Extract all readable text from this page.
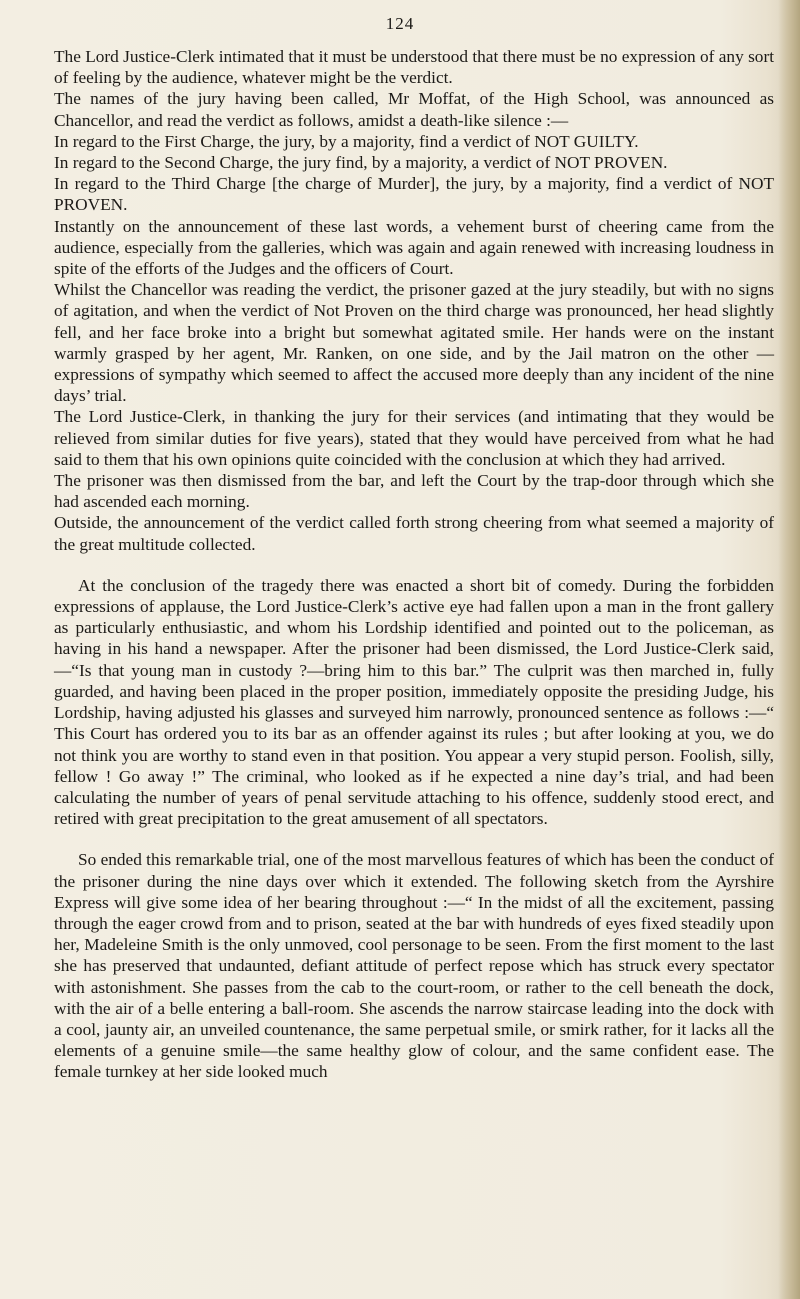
124

The Lord Justice-Clerk intimated that it must be understood that there must be no expression of any sort of feeling by the audience, whatever might be the verdict.

The names of the jury having been called, Mr Moffat, of the High School, was announced as Chancellor, and read the verdict as follows, amidst a death-like silence :—

In regard to the First Charge, the jury, by a majority, find a verdict of NOT GUILTY.

In regard to the Second Charge, the jury find, by a majority, a verdict of NOT PROVEN.

In regard to the Third Charge [the charge of Murder], the jury, by a majority, find a verdict of NOT PROVEN.

Instantly on the announcement of these last words, a vehement burst of cheering came from the audience, especially from the galleries, which was again and again renewed with increasing loudness in spite of the efforts of the Judges and the officers of Court.

Whilst the Chancellor was reading the verdict, the prisoner gazed at the jury steadily, but with no signs of agitation, and when the verdict of Not Proven on the third charge was pronounced, her head slightly fell, and her face broke into a bright but somewhat agitated smile. Her hands were on the instant warmly grasped by her agent, Mr. Ranken, on one side, and by the Jail matron on the other —expressions of sympathy which seemed to affect the accused more deeply than any incident of the nine days’ trial.

The Lord Justice-Clerk, in thanking the jury for their services (and intimating that they would be relieved from similar duties for five years), stated that they would have perceived from what he had said to them that his own opinions quite coincided with the conclusion at which they had arrived.

The prisoner was then dismissed from the bar, and left the Court by the trap-door through which she had ascended each morning.

Outside, the announcement of the verdict called forth strong cheering from what seemed a majority of the great multitude collected.

At the conclusion of the tragedy there was enacted a short bit of comedy. During the forbidden expressions of applause, the Lord Justice-Clerk’s active eye had fallen upon a man in the front gallery as particularly enthusiastic, and whom his Lordship identified and pointed out to the policeman, as having in his hand a newspaper. After the prisoner had been dismissed, the Lord Justice-Clerk said,—“Is that young man in custody ?—bring him to this bar.” The culprit was then marched in, fully guarded, and having been placed in the proper position, immediately opposite the presiding Judge, his Lordship, having adjusted his glasses and surveyed him narrowly, pronounced sentence as follows :—“ This Court has ordered you to its bar as an offender against its rules ; but after looking at you, we do not think you are worthy to stand even in that position. You appear a very stupid person. Foolish, silly, fellow ! Go away !” The criminal, who looked as if he expected a nine day’s trial, and had been calculating the number of years of penal servitude attaching to his offence, suddenly stood erect, and retired with great precipitation to the great amusement of all spectators.

So ended this remarkable trial, one of the most marvellous features of which has been the conduct of the prisoner during the nine days over which it extended. The following sketch from the Ayrshire Express will give some idea of her bearing throughout :—“ In the midst of all the excitement, passing through the eager crowd from and to prison, seated at the bar with hundreds of eyes fixed steadily upon her, Madeleine Smith is the only unmoved, cool personage to be seen. From the first moment to the last she has preserved that undaunted, defiant attitude of perfect repose which has struck every spectator with astonishment. She passes from the cab to the court-room, or rather to the cell beneath the dock, with the air of a belle entering a ball-room. She ascends the narrow staircase leading into the dock with a cool, jaunty air, an unveiled countenance, the same perpetual smile, or smirk rather, for it lacks all the elements of a genuine smile—the same healthy glow of colour, and the same confident ease. The female turnkey at her side looked much
